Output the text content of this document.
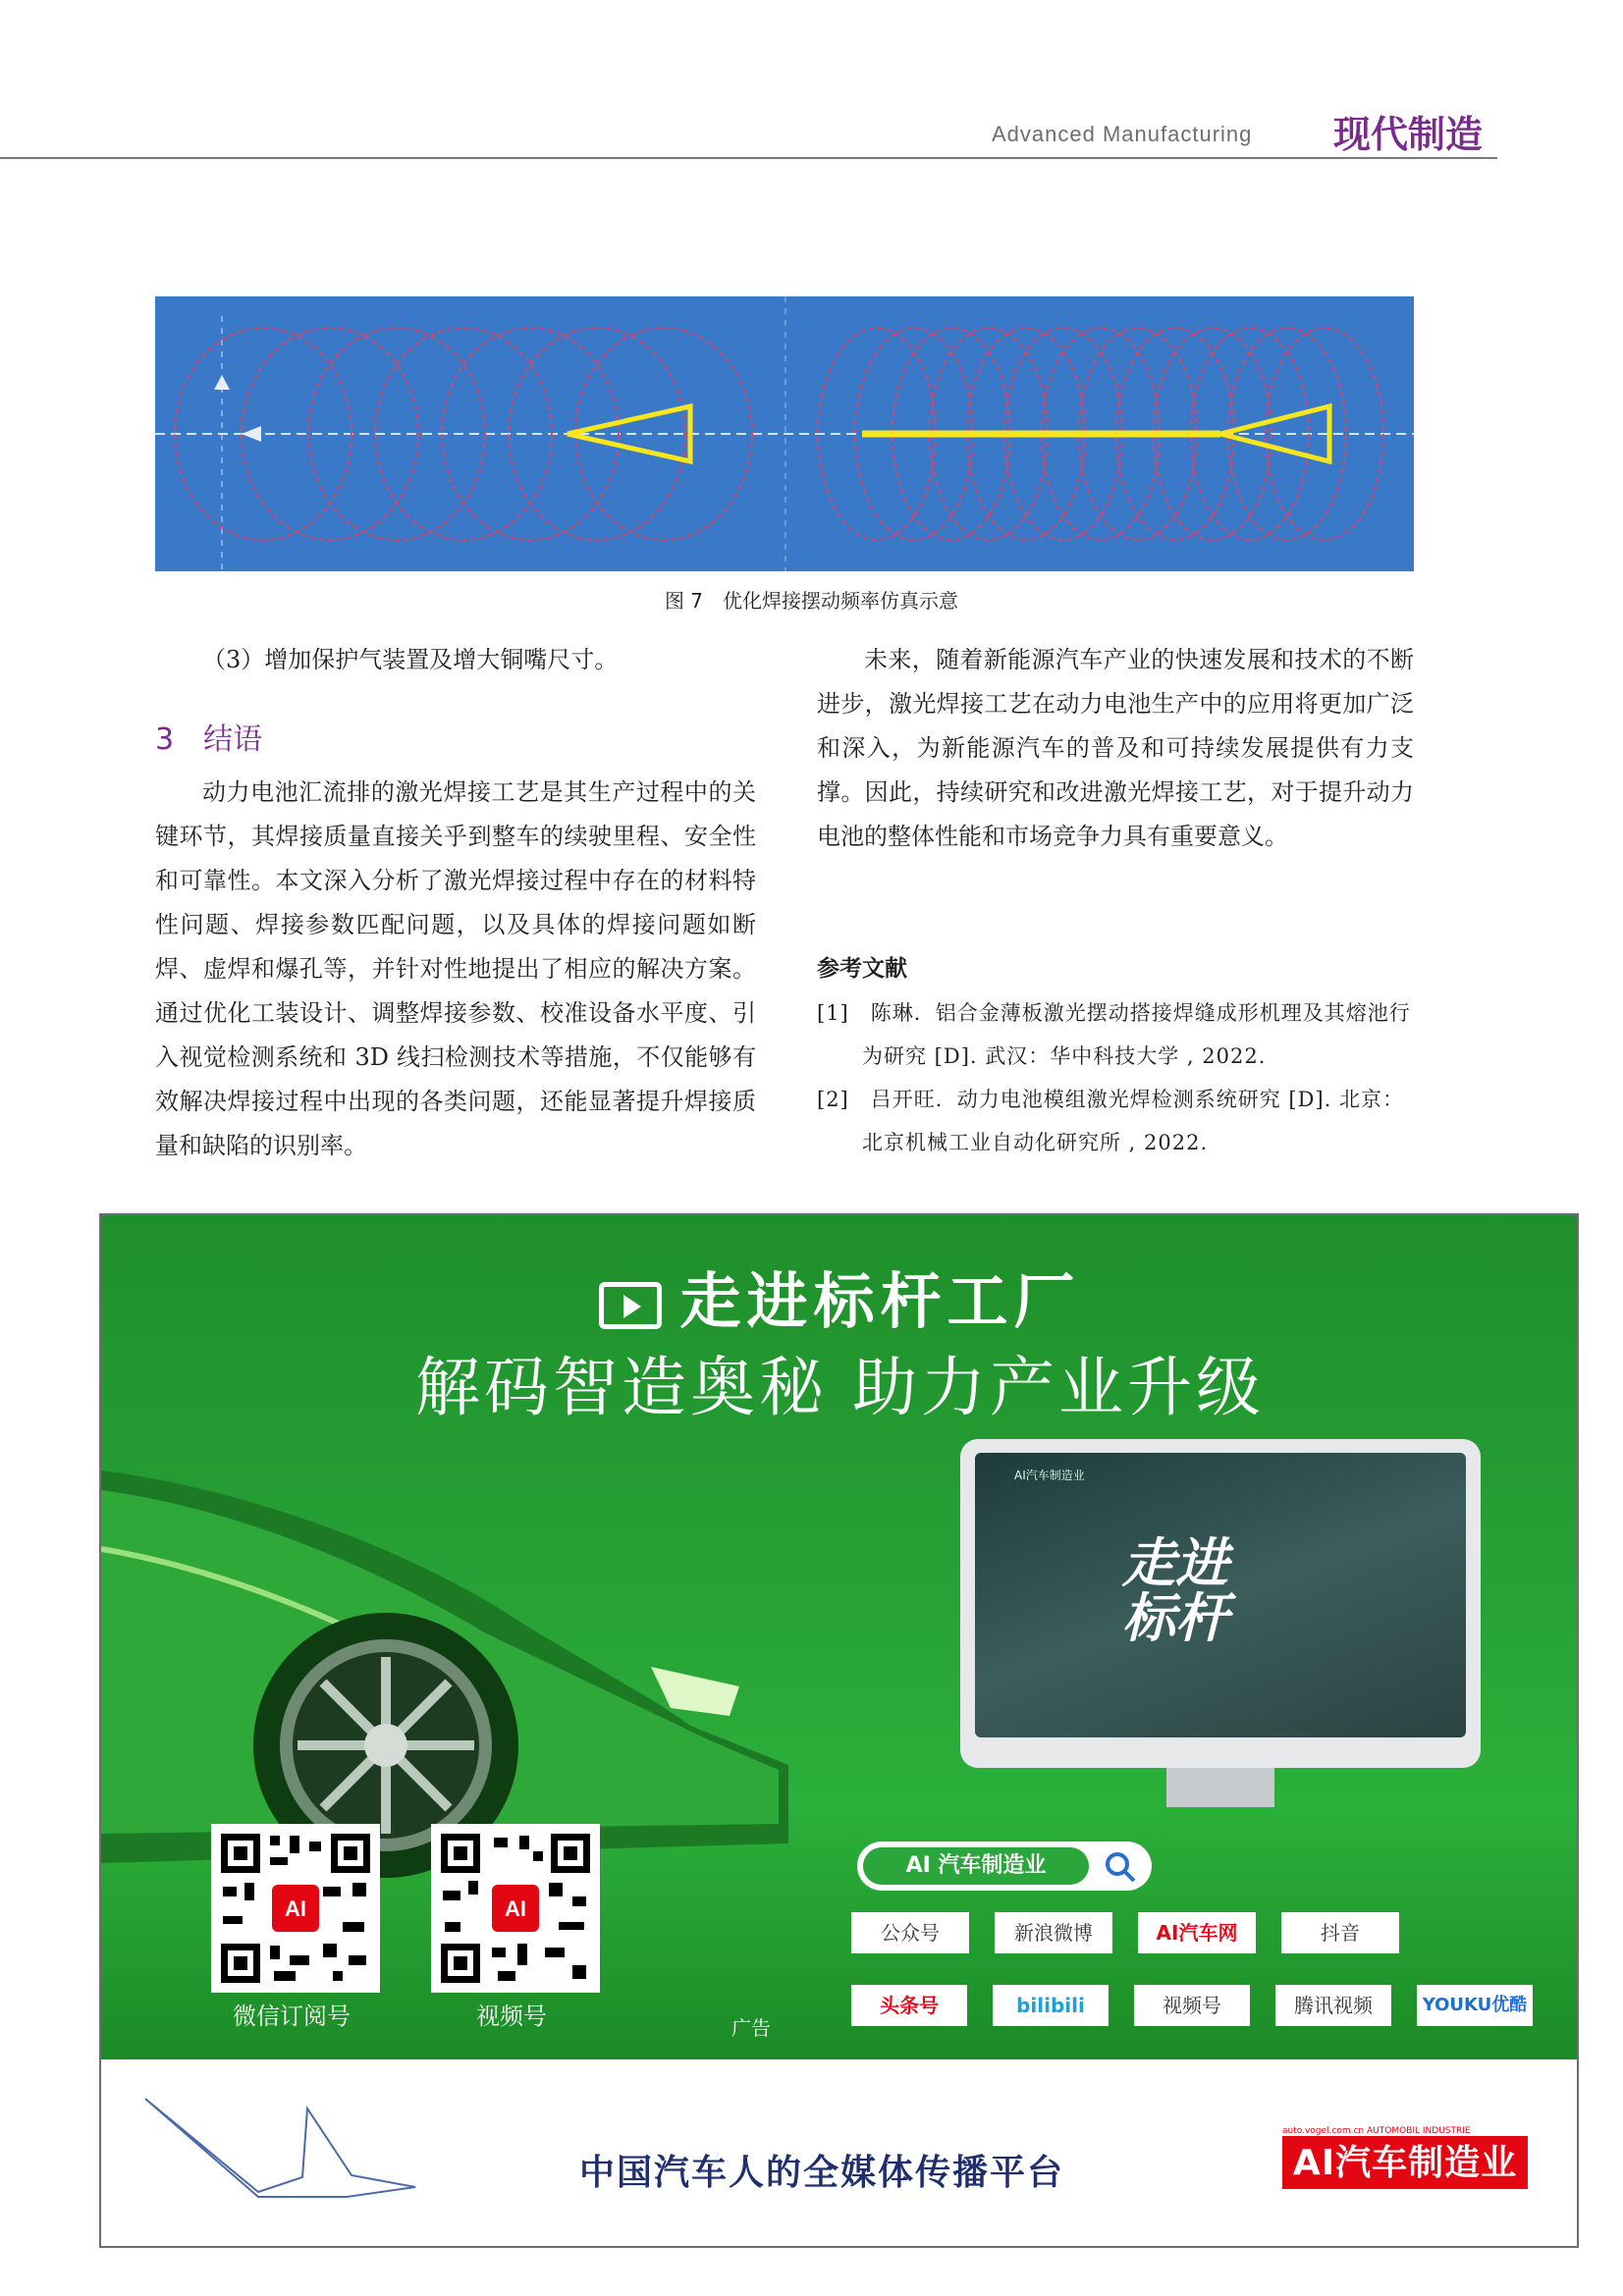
Advanced Manufacturing 现代制造
图 7　优化焊接摆动频率仿真示意

（3）增加保护气装置及增大铜嘴尺寸。

3　结语

动力电池汇流排的激光焊接工艺是其生产过程中的关键环节，其焊接质量直接关乎到整车的续驶里程、安全性和可靠性。本文深入分析了激光焊接过程中存在的材料特性问题、焊接参数匹配问题，以及具体的焊接问题如断焊、虚焊和爆孔等，并针对性地提出了相应的解决方案。通过优化工装设计、调整焊接参数、校准设备水平度、引入视觉检测系统和 3D 线扫检测技术等措施，不仅能够有效解决焊接过程中出现的各类问题，还能显著提升焊接质量和缺陷的识别率。

未来，随着新能源汽车产业的快速发展和技术的不断进步，激光焊接工艺在动力电池生产中的应用将更加广泛和深入，为新能源汽车的普及和可持续发展提供有力支撑。因此，持续研究和改进激光焊接工艺，对于提升动力电池的整体性能和市场竞争力具有重要意义。

参考文献
[1]　陈琳．铝合金薄板激光摆动搭接焊缝成形机理及其熔池行为研究 [D]. 武汉：华中科技大学 , 2022.
[2]　吕开旺．动力电池模组激光焊检测系统研究 [D]. 北京：北京机械工业自动化研究所 , 2022.
走进标杆工厂
解码智造奥秘 助力产业升级
AI汽车制造业
走进标杆
AI
微信订阅号
AI
视频号
AI 汽车制造业
公众号	新浪微博	AI汽车网	抖音
头条号	bilibili	视频号	腾讯视频	YOUKU优酷
广告
中国汽车人的全媒体传播平台
auto.vogel.com.cn AUTOMOBIL INDUSTRIE
AI汽车制造业
